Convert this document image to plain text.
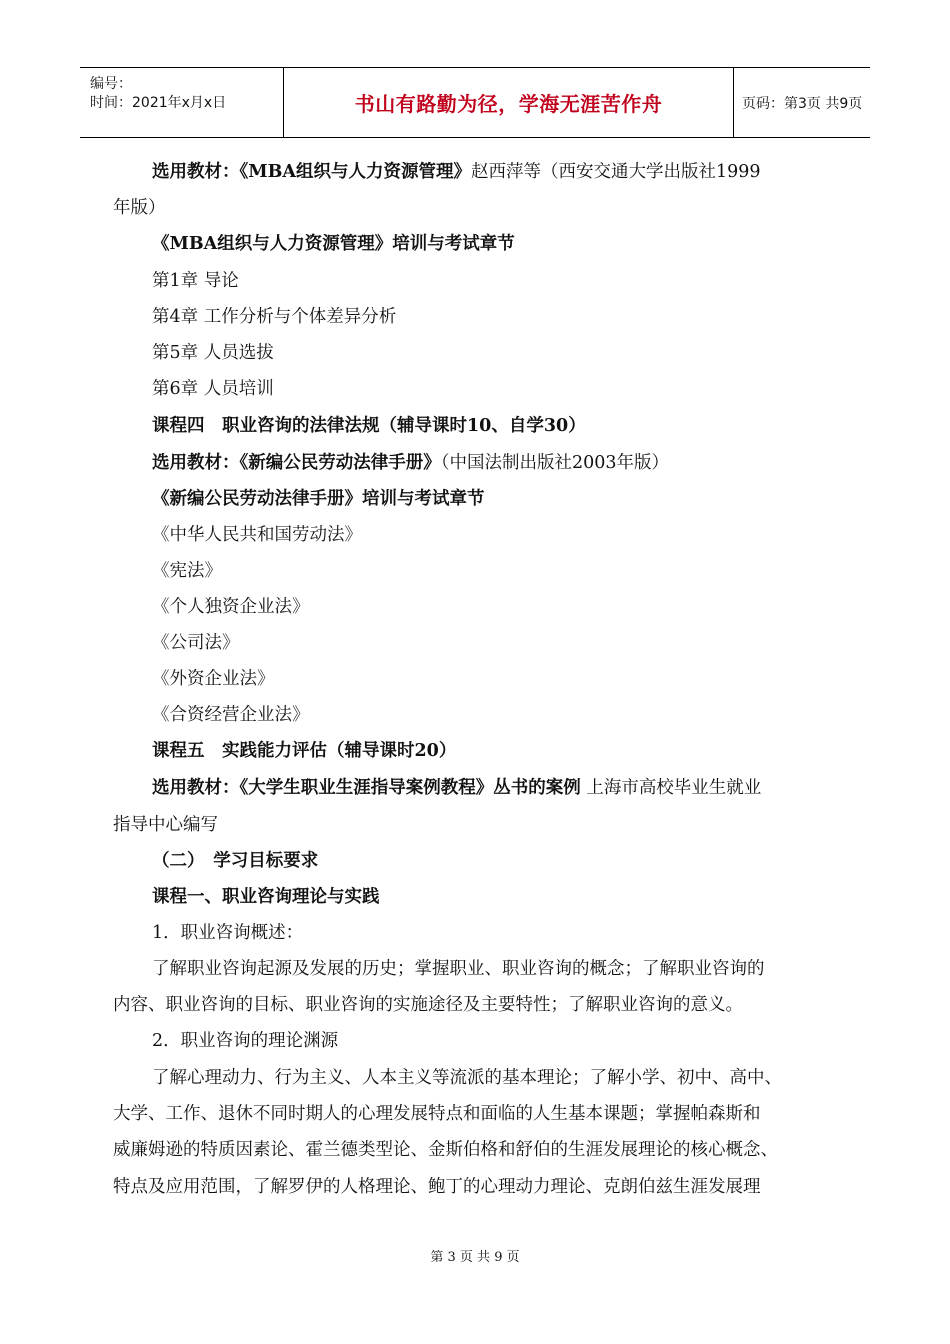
编号：
时间：2021年x月x日	书山有路勤为径，学海无涯苦作舟	页码：第3页 共9页
选用教材：《MBA组织与人力资源管理》赵西萍等（西安交通大学出版社1999
年版）
《MBA组织与人力资源管理》培训与考试章节
第1章 导论
第4章 工作分析与个体差异分析
第5章 人员选拔
第6章 人员培训
课程四　职业咨询的法律法规（辅导课时10、自学30）
选用教材：《新编公民劳动法律手册》（中国法制出版社2003年版）
《新编公民劳动法律手册》培训与考试章节
《中华人民共和国劳动法》
《宪法》
《个人独资企业法》
《公司法》
《外资企业法》
《合资经营企业法》
课程五　实践能力评估（辅导课时20）
选用教材：《大学生职业生涯指导案例教程》丛书的案例 上海市高校毕业生就业
指导中心编写
（二）　学习目标要求
课程一、职业咨询理论与实践
1．职业咨询概述：
了解职业咨询起源及发展的历史；掌握职业、职业咨询的概念；了解职业咨询的
内容、职业咨询的目标、职业咨询的实施途径及主要特性；了解职业咨询的意义。
2．职业咨询的理论渊源
了解心理动力、行为主义、人本主义等流派的基本理论；了解小学、初中、高中、
大学、工作、退休不同时期人的心理发展特点和面临的人生基本课题；掌握帕森斯和
威廉姆逊的特质因素论、霍兰德类型论、金斯伯格和舒伯的生涯发展理论的核心概念、
特点及应用范围，了解罗伊的人格理论、鲍丁的心理动力理论、克朗伯兹生涯发展理
第 3 页 共 9 页
